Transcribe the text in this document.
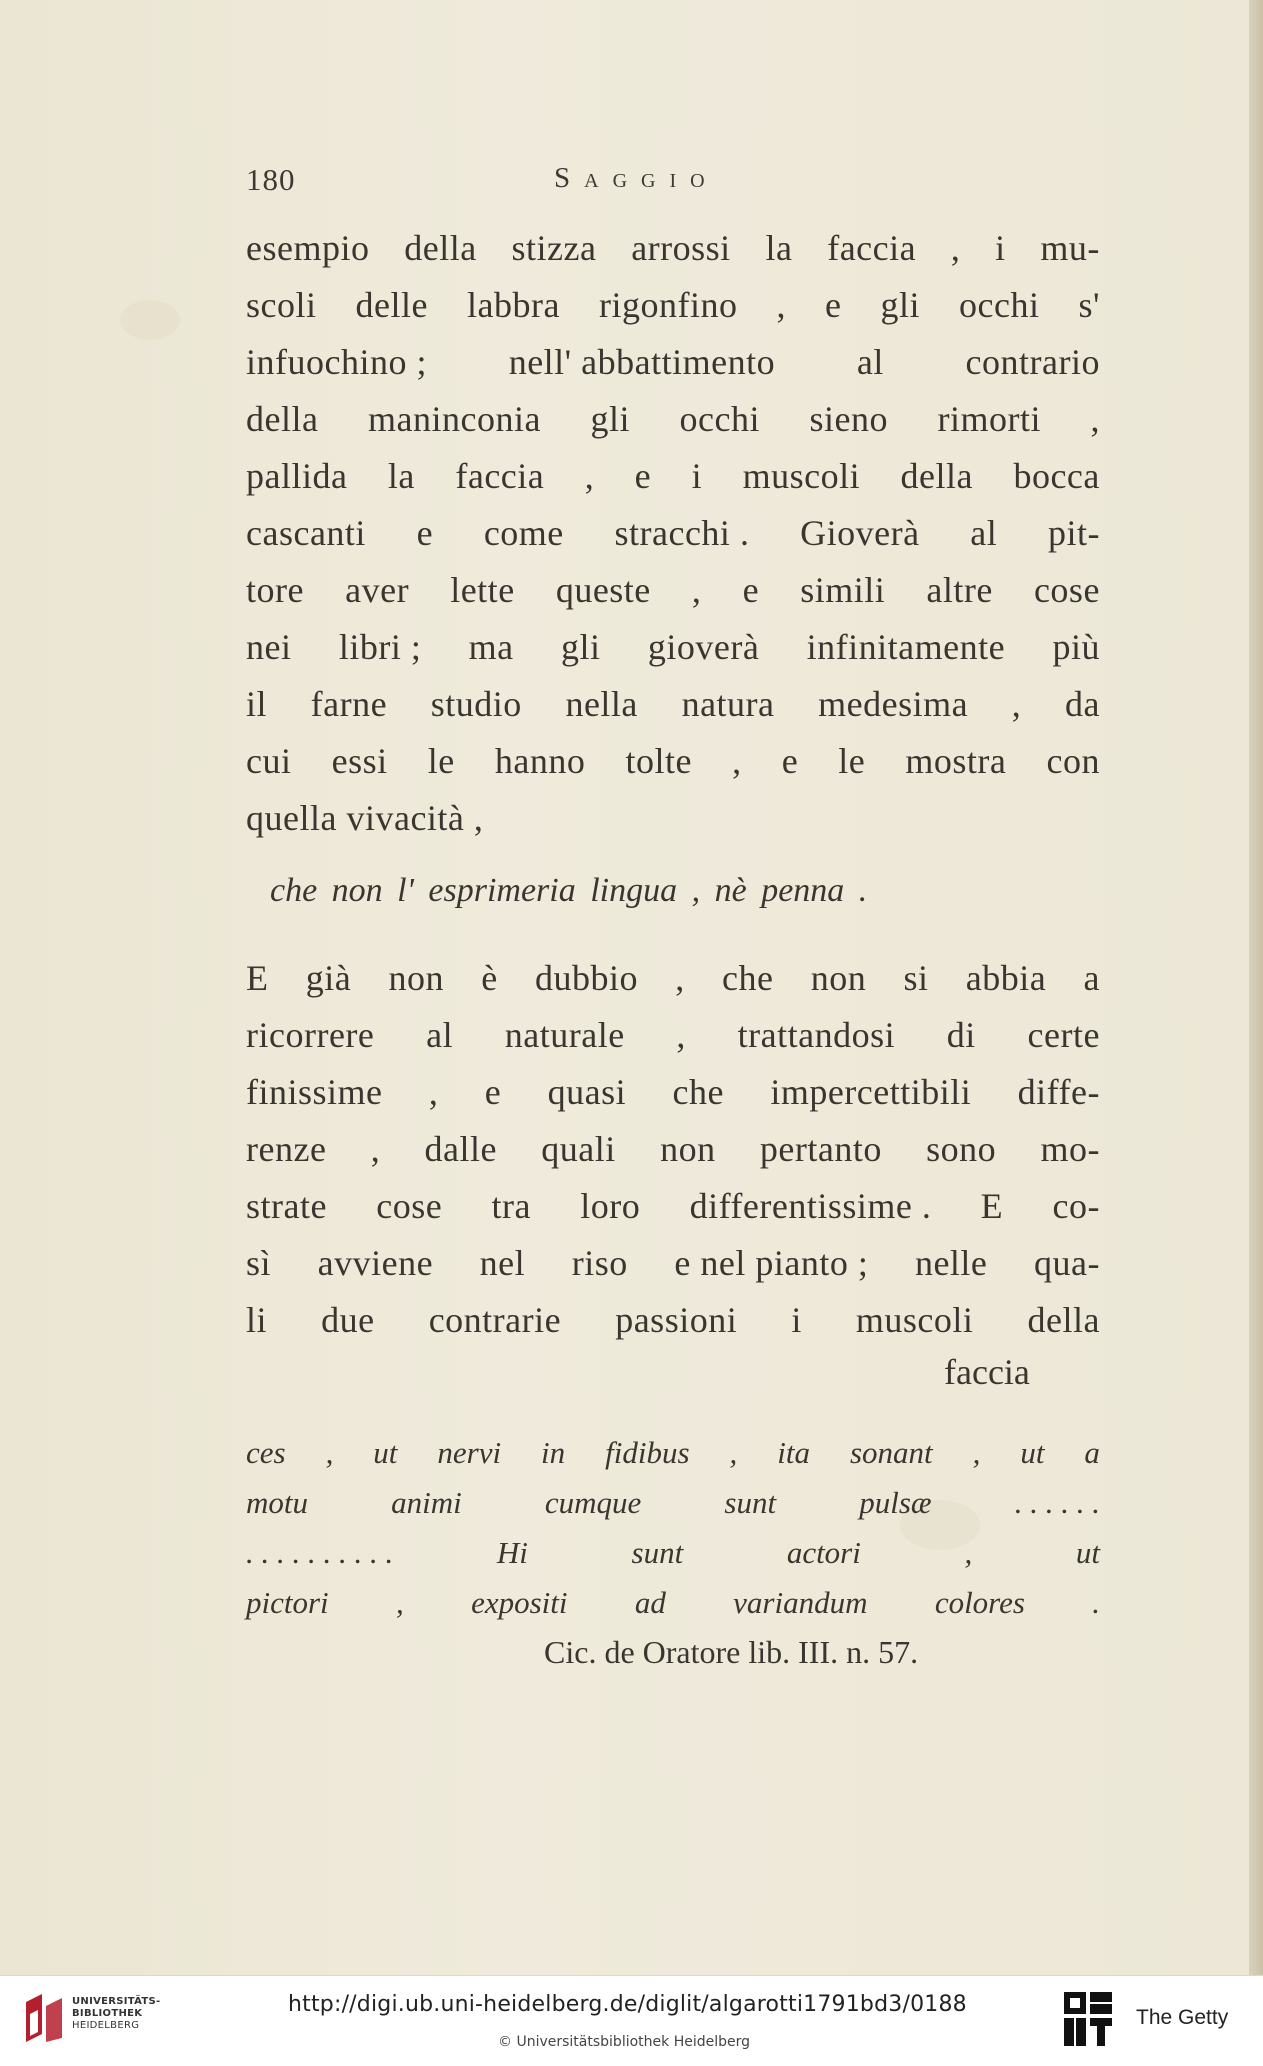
180	Saggio
esempio della stizza arrossi la faccia , i mu-
scoli delle labbra rigonfino , e gli occhi s'
infuochino ; nell' abbattimento al contrario
della maninconia gli occhi sieno rimorti ,
pallida la faccia , e i muscoli della bocca
cascanti e come stracchi . Gioverà al pit-
tore aver lette queste , e simili altre cose
nei libri ; ma gli gioverà infinitamente più
il farne studio nella natura medesima , da
cui essi le hanno tolte , e le mostra con
quella vivacità ,
che non l' esprimeria lingua , nè penna .
E già non è dubbio , che non si abbia a
ricorrere al naturale , trattandosi di certe
finissime , e quasi che impercettibili diffe-
renze , dalle quali non pertanto sono mo-
strate cose tra loro differentissime . E co-
sì avviene nel riso e nel pianto ; nelle qua-
li due contrarie passioni i muscoli della
faccia
ces , ut nervi in fidibus , ita sonant , ut a
motu	animi	cumque	sunt	pulsæ	. . . . . .
. . . . . . . . . .	Hi	sunt	actori	,	ut
pictori , expositi ad variandum colores .
Cic. de Oratore lib. III. n. 57.
UNIVERSITÄTS-
BIBLIOTHEK
HEIDELBERG
http://digi.ub.uni-heidelberg.de/diglit/algarotti1791bd3/0188
© Universitätsbibliothek Heidelberg
The Getty
